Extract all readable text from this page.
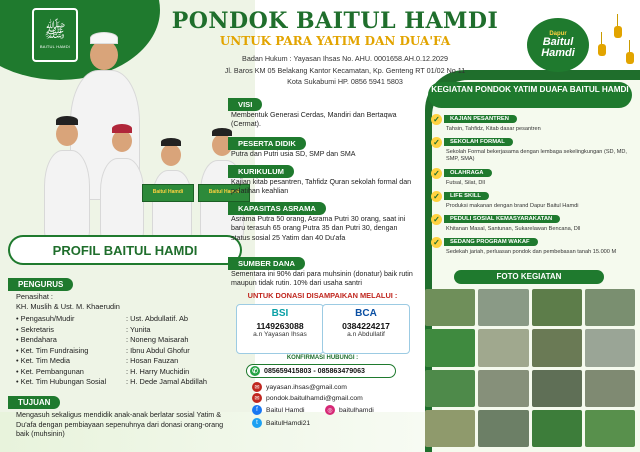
ﷺ
BAITUL HAMDI
PONDOK BAITUL HAMDI
UNTUK PARA YATIM DAN DUA'FA
Badan Hukum : Yayasan Ihsas No. AHU. 0001658.AH.0.12.2029
Jl. Baros KM 05 Belakang Kantor Kecamatan, Kp. Genteng RT 01/02 No 11
Kota Sukabumi HP. 0856 5941 5803
Dapur
Baitul
Hamdi
Baitul Hamdi	Baitul Hamdi
PROFIL BAITUL HAMDI
PENGURUS
Penasihat :
KH. Muslih & Ust. M. Khaerudin
• Pengasuh/Mudir	: Ust. Abdullatif. Ab
• Sekretaris	: Yunita
• Bendahara	: Noneng Maisarah
• Ket. Tim Fundraising	: Ibnu Abdul Ghofur
• Ket. Tim Media	: Hosan Fauzan
• Ket. Pembangunan	: H. Harry Muchidin
• Ket. Tim Hubungan Sosial	: H. Dede Jamal Abdillah
TUJUAN
Mengasuh sekaligus mendidik anak-anak berlatar sosial Yatim & Du'afa dengan pembiayaan sepenuhnya dari donasi orang-orang baik (muhsinin)
VISI
Membentuk Generasi Cerdas, Mandiri dan Bertaqwa (Cermat).
PESERTA DIDIK
Putra dan Putri usia SD, SMP dan SMA
KURIKULUM
Kajian kitab pesantren, Tahfidz Quran sekolah formal dan pelatihan keahlian
KAPASITAS ASRAMA
Asrama Putra 50 orang, Asrama Putri 30 orang, saat ini baru terasuh 65 orang Putra 35 dan Putri 30, dengan status sosial 25 Yatim dan 40 Du'afa
SUMBER DANA
Sementara ini 90% dari para muhsinin (donatur) baik rutin maupun tidak rutin. 10% dari usaha santri
UNTUK DONASI DISAMPAIKAN MELALUI :
BSI
1149263088
a.n Yayasan Ihsas
BCA
0384224217
a.n Abdullatif
KONFIRMASI HUBUNGI :
✆ 085659415803 - 085863479063
✉ yayasan.ihsas@gmail.com
✉ pondok.baitulhamdi@gmail.com
f	Baitul Hamdi	◎ baitulhamdi
t	BaitulHamdi21
KEGIATAN PONDOK YATIM DUAFA BAITUL HAMDI
✓	KAJIAN PESANTREN
Tahsin, Tahfidz, Kitab dasar pesantren
✓	SEKOLAH FORMAL
Sekolah Formal bekerjasama dengan lembaga sekelingkungan (SD, MD, SMP, SMA)
✓	OLAHRAGA
Futsal, Silat, Dll
✓	LIFE SKILL
Produksi makanan dengan brand Dapur Baitul Hamdi
✓	PEDULI SOSIAL KEMASYARAKATAN
Khitanan Masal, Santunan, Sukarelawan Bencana, Dll
✓	SEDANG PROGRAM WAKAF
Sedekah jariah, perluasan pondok dan pembebasan tanah 15.000 M
FOTO KEGIATAN
